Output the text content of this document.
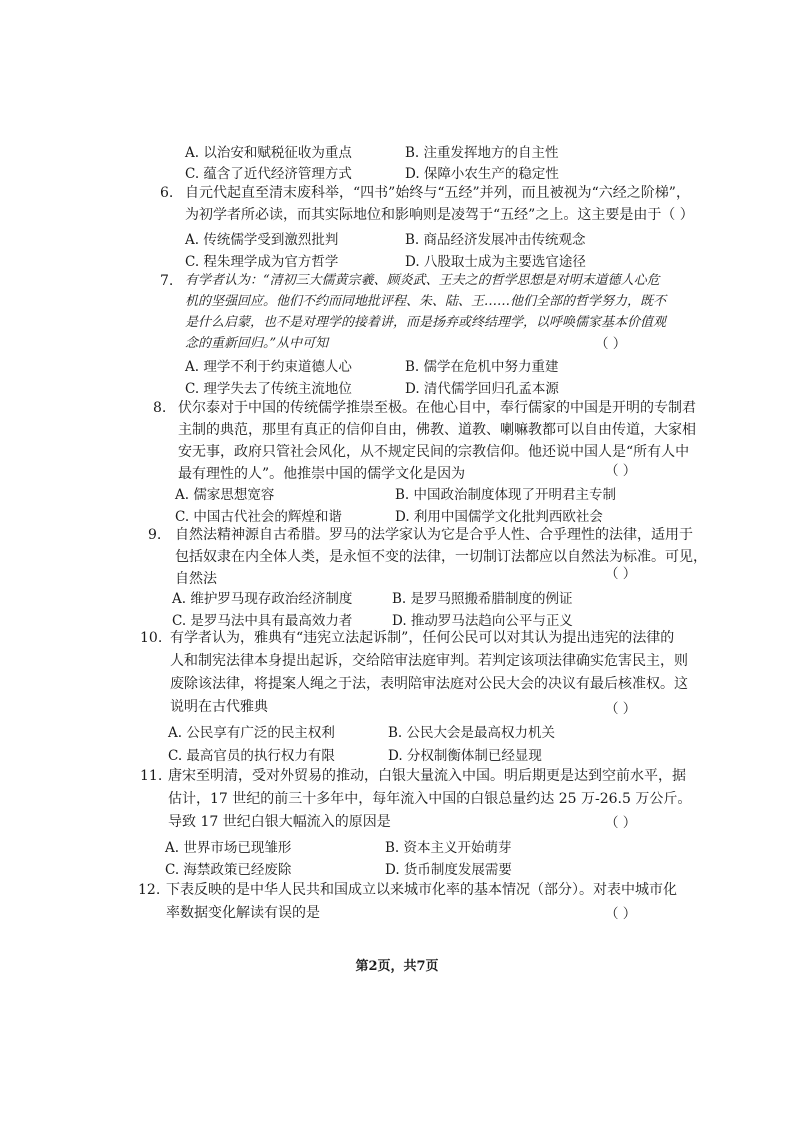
A. 以治安和赋税征收为重点	B. 注重发挥地方的自主性
C. 蕴含了近代经济管理方式	D. 保障小农生产的稳定性
6. 自元代起直至清末废科举，“四书”始终与“五经”并列，而且被视为“六经之阶梯”，
为初学者所必读，而其实际地位和影响则是凌驾于“五经”之上。这主要是由于（ ）
A. 传统儒学受到激烈批判	B. 商品经济发展冲击传统观念
C. 程朱理学成为官方哲学	D. 八股取士成为主要选官途径
7. 有学者认为：“清初三大儒黄宗羲、顾炎武、王夫之的哲学思想是对明末道德人心危
机的坚强回应。他们不约而同地批评程、朱、陆、王……他们全部的哲学努力，既不
是什么启蒙，也不是对理学的接着讲，而是扬弃或终结理学，以呼唤儒家基本价值观
念的重新回归。”从中可知	（ ）
A. 理学不利于约束道德人心	B. 儒学在危机中努力重建
C. 理学失去了传统主流地位	D. 清代儒学回归孔孟本源
8. 伏尔泰对于中国的传统儒学推崇至极。在他心目中，奉行儒家的中国是开明的专制君
主制的典范，那里有真正的信仰自由，佛教、道教、喇嘛教都可以自由传道，大家相
安无事，政府只管社会风化，从不规定民间的宗教信仰。他还说中国人是“所有人中
最有理性的人”。他推崇中国的儒学文化是因为	（ ）
A. 儒家思想宽容	B. 中国政治制度体现了开明君主专制
C. 中国古代社会的辉煌和谐	D. 利用中国儒学文化批判西欧社会
9. 自然法精神源自古希腊。罗马的法学家认为它是合乎人性、合乎理性的法律，适用于
包括奴隶在内全体人类，是永恒不变的法律，一切制订法都应以自然法为标准。可见，
自然法	（ ）
A. 维护罗马现存政治经济制度	B. 是罗马照搬希腊制度的例证
C. 是罗马法中具有最高效力者	D. 推动罗马法趋向公平与正义
10. 有学者认为，雅典有“违宪立法起诉制”，任何公民可以对其认为提出违宪的法律的
人和制宪法律本身提出起诉，交给陪审法庭审判。若判定该项法律确实危害民主，则
废除该法律，将提案人绳之于法，表明陪审法庭对公民大会的决议有最后核准权。这
说明在古代雅典	（ ）
A. 公民享有广泛的民主权利	B. 公民大会是最高权力机关
C. 最高官员的执行权力有限	D. 分权制衡体制已经显现
11. 唐宋至明清，受对外贸易的推动，白银大量流入中国。明后期更是达到空前水平，据
估计，17 世纪的前三十多年中，每年流入中国的白银总量约达 25 万-26.5 万公斤。
导致 17 世纪白银大幅流入的原因是	（ ）
A. 世界市场已现雏形	B. 资本主义开始萌芽
C. 海禁政策已经废除	D. 货币制度发展需要
12. 下表反映的是中华人民共和国成立以来城市化率的基本情况（部分）。对表中城市化
率数据变化解读有误的是	（ ）
第2页，共7页
